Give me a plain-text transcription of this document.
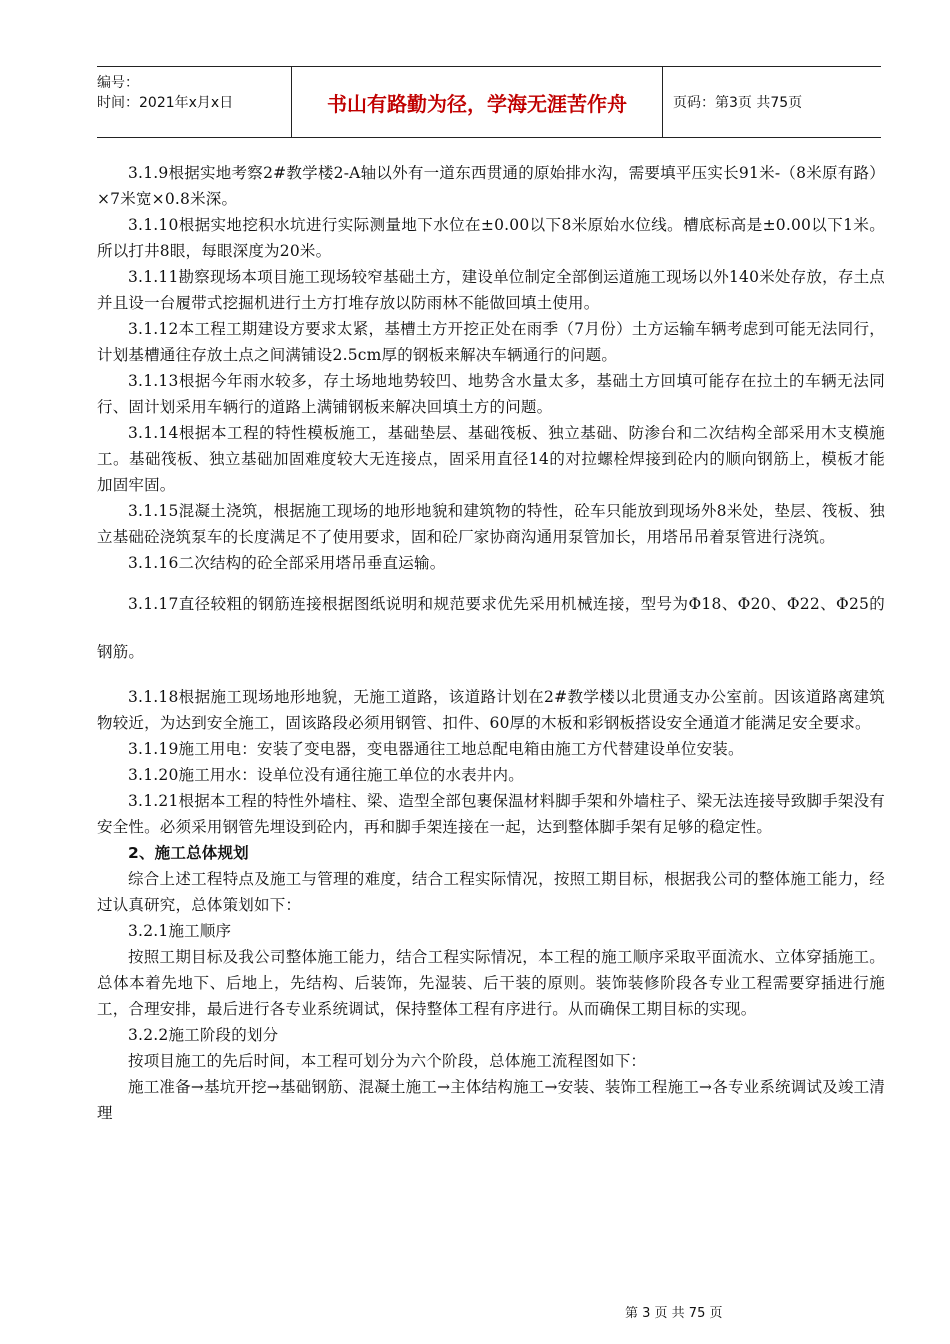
编号：
时间：2021年x月x日	书山有路勤为径，学海无涯苦作舟	页码：第3页 共75页

3.1.9根据实地考察2#教学楼2-A轴以外有一道东西贯通的原始排水沟，需要填平压实长91米-（8米原有路）×7米宽×0.8米深。

3.1.10根据实地挖积水坑进行实际测量地下水位在±0.00以下8米原始水位线。槽底标高是±0.00以下1米。所以打井8眼，每眼深度为20米。

3.1.11勘察现场本项目施工现场较窄基础土方，建设单位制定全部倒运道施工现场以外140米处存放，存土点并且设一台履带式挖掘机进行土方打堆存放以防雨林不能做回填土使用。

3.1.12本工程工期建设方要求太紧，基槽土方开挖正处在雨季（7月份）土方运输车辆考虑到可能无法同行，计划基槽通往存放土点之间满铺设2.5cm厚的钢板来解决车辆通行的问题。

3.1.13根据今年雨水较多，存土场地地势较凹、地势含水量太多，基础土方回填可能存在拉土的车辆无法同行、固计划采用车辆行的道路上满铺钢板来解决回填土方的问题。

3.1.14根据本工程的特性模板施工，基础垫层、基础筏板、独立基础、防渗台和二次结构全部采用木支模施工。基础筏板、独立基础加固难度较大无连接点，固采用直径14的对拉螺栓焊接到砼内的顺向钢筋上，模板才能加固牢固。

3.1.15混凝土浇筑，根据施工现场的地形地貌和建筑物的特性，砼车只能放到现场外8米处，垫层、筏板、独立基础砼浇筑泵车的长度满足不了使用要求，固和砼厂家协商沟通用泵管加长，用塔吊吊着泵管进行浇筑。

3.1.16二次结构的砼全部采用塔吊垂直运输。

3.1.17直径较粗的钢筋连接根据图纸说明和规范要求优先采用机械连接，型号为Φ18、Φ20、Φ22、Φ25的钢筋。

3.1.18根据施工现场地形地貌，无施工道路，该道路计划在2#教学楼以北贯通支办公室前。因该道路离建筑物较近，为达到安全施工，固该路段必须用钢管、扣件、60厚的木板和彩钢板搭设安全通道才能满足安全要求。

3.1.19施工用电：安装了变电器，变电器通往工地总配电箱由施工方代替建设单位安装。

3.1.20施工用水：设单位没有通往施工单位的水表井内。

3.1.21根据本工程的特性外墙柱、梁、造型全部包裹保温材料脚手架和外墙柱子、梁无法连接导致脚手架没有安全性。必须采用钢管先埋设到砼内，再和脚手架连接在一起，达到整体脚手架有足够的稳定性。

2、施工总体规划

综合上述工程特点及施工与管理的难度，结合工程实际情况，按照工期目标，根据我公司的整体施工能力，经过认真研究，总体策划如下：

3.2.1施工顺序

按照工期目标及我公司整体施工能力，结合工程实际情况，本工程的施工顺序采取平面流水、立体穿插施工。总体本着先地下、后地上，先结构、后装饰，先湿装、后干装的原则。装饰装修阶段各专业工程需要穿插进行施工，合理安排，最后进行各专业系统调试，保持整体工程有序进行。从而确保工期目标的实现。

3.2.2施工阶段的划分

按项目施工的先后时间，本工程可划分为六个阶段，总体施工流程图如下：

施工准备→基坑开挖→基础钢筋、混凝土施工→主体结构施工→安装、装饰工程施工→各专业系统调试及竣工清理

第 3 页 共 75 页
